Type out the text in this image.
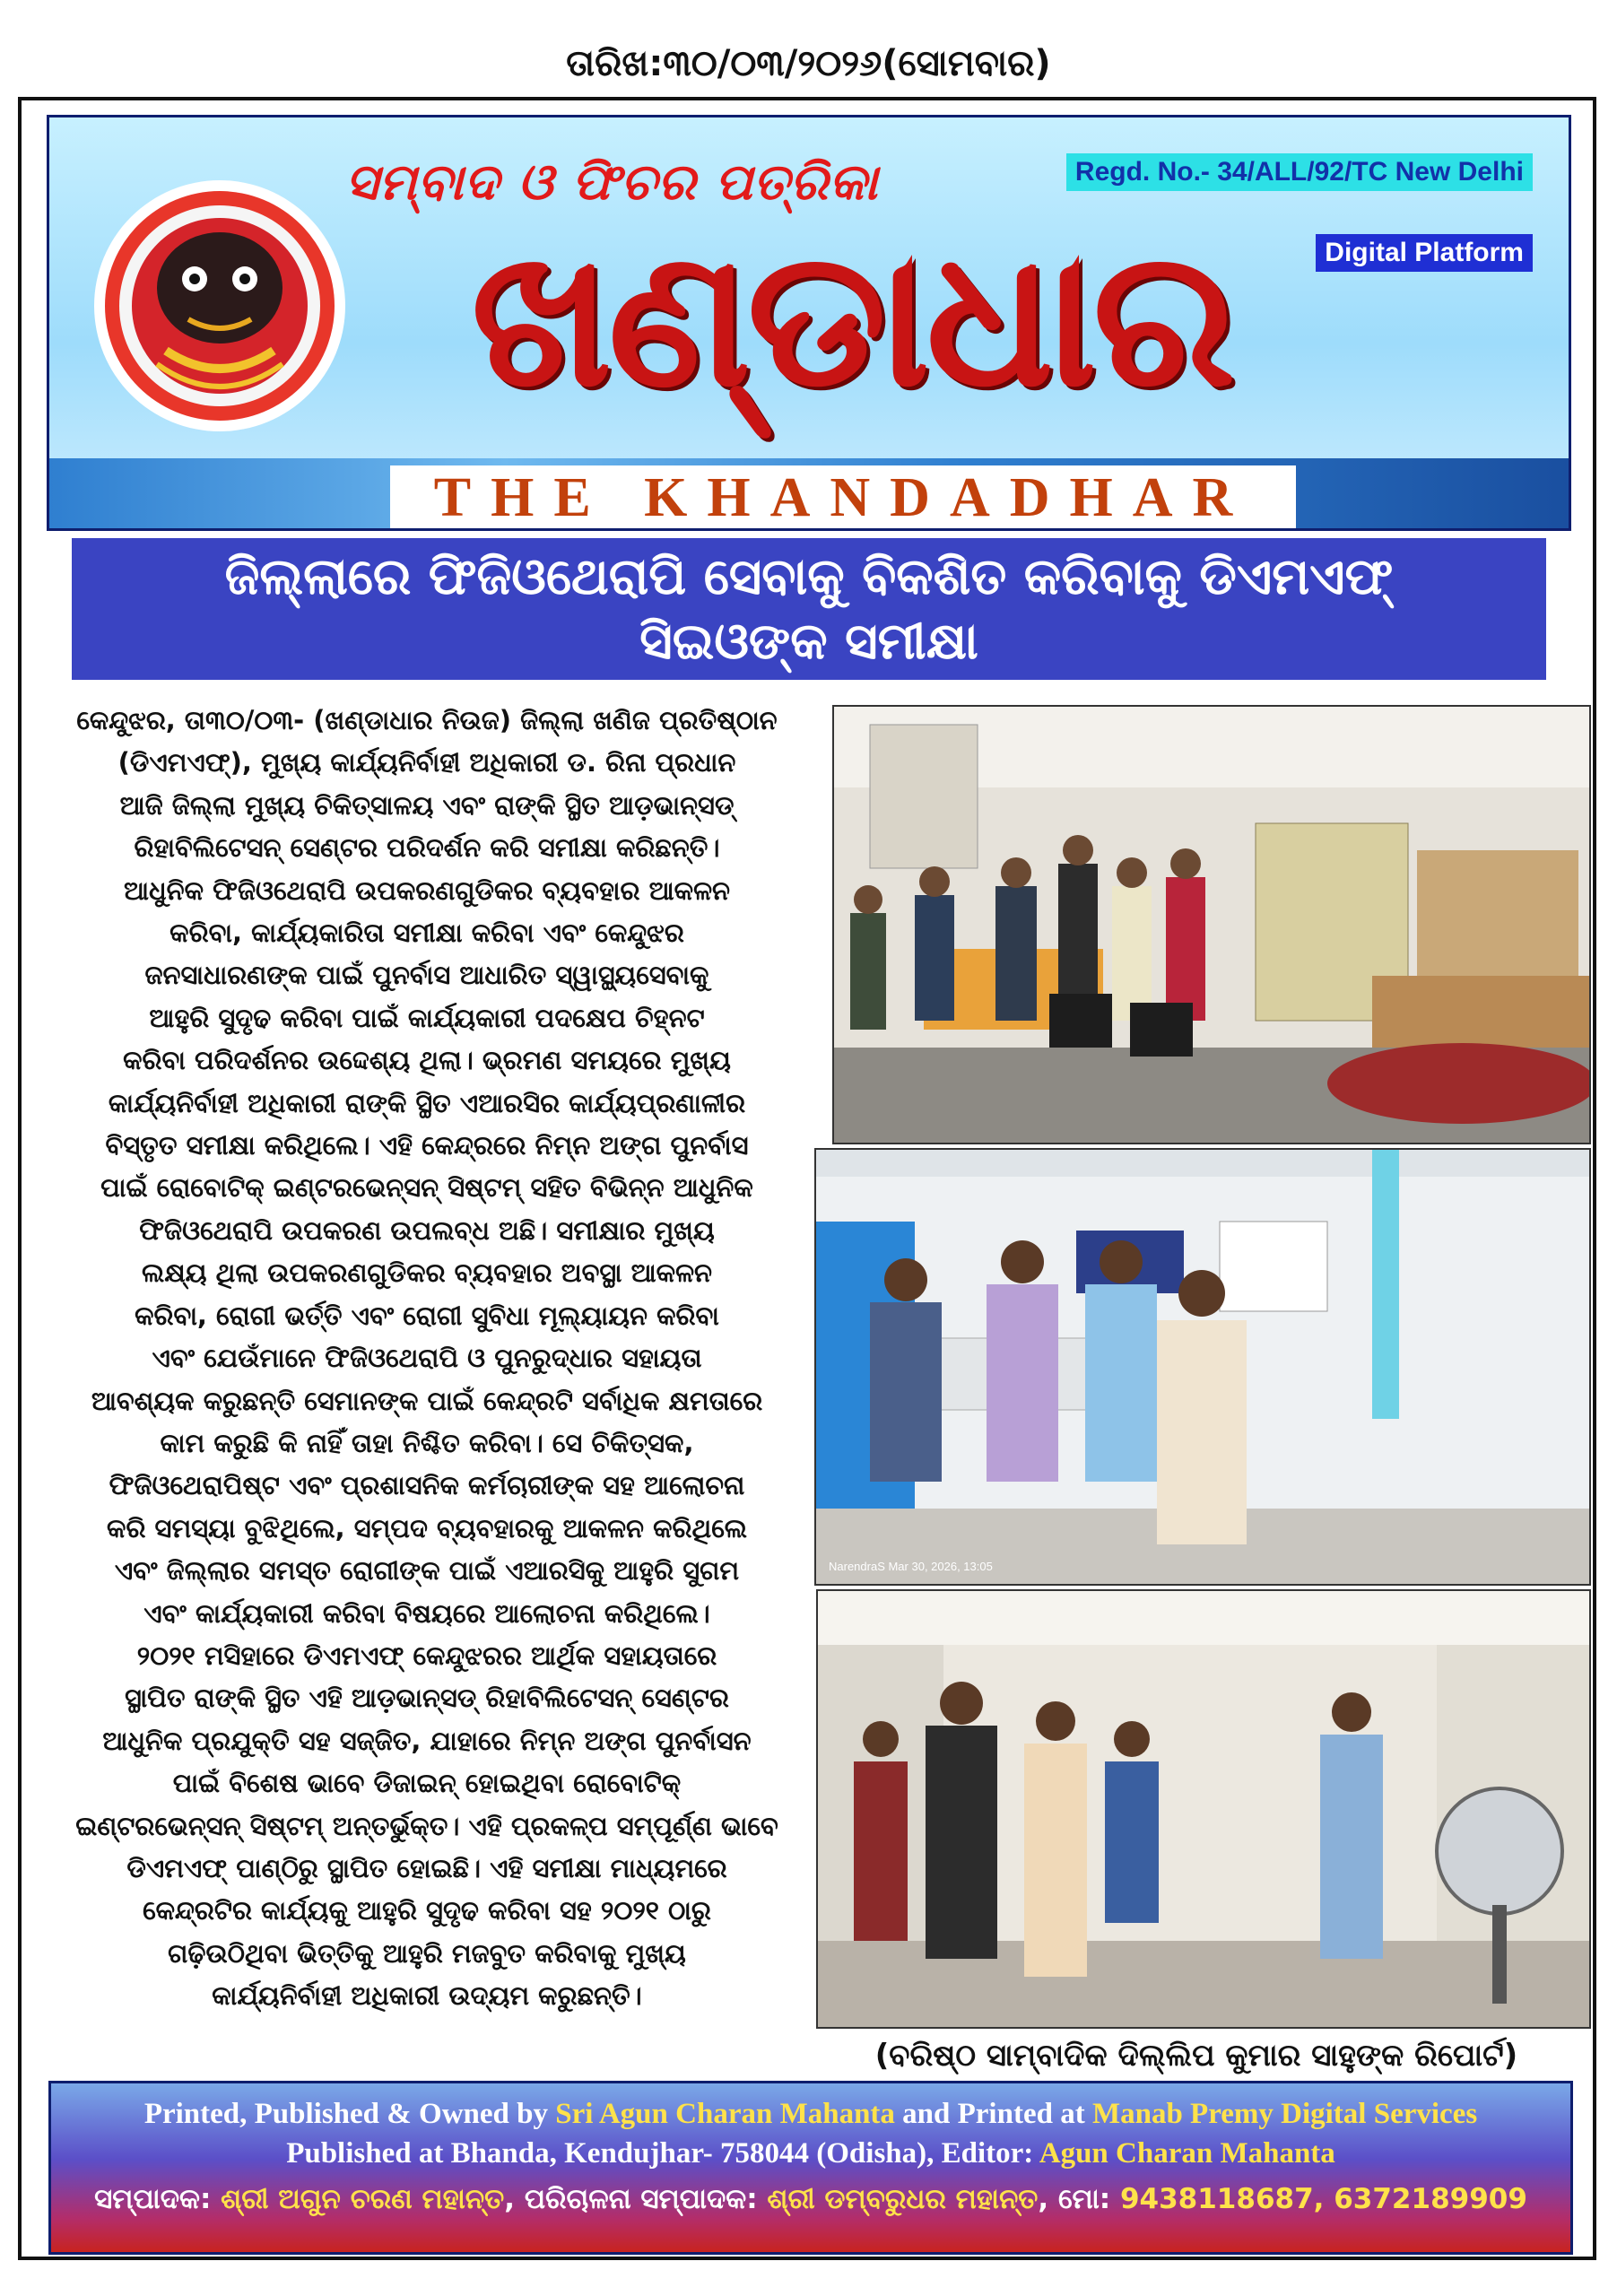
ତାରିଖ:୩୦/୦୩/୨୦୨୬(ସୋମବାର)
ସମ୍ବାଦ ଓ ଫିଚର ପତ୍ରିକା
ଖଣ୍ଡାଧାର
Regd. No.- 34/ALL/92/TC New Delhi
Digital Platform
THE KHANDADHAR
ଜିଲ୍ଲାରେ ଫିଜିଓଥେରାପି ସେବାକୁ ବିକଶିତ କରିବାକୁ ଡିଏମଏଫ୍
ସିଇଓଙ୍କ ସମୀକ୍ଷା
କେନ୍ଦୁଝର, ତା୩୦/୦୩- (ଖଣ୍ଡାଧାର ନିଉଜ) ଜିଲ୍ଲା ଖଣିଜ ପ୍ରତିଷ୍ଠାନ
(ଡିଏମଏଫ୍), ମୁଖ୍ୟ କାର୍ଯ୍ୟନିର୍ବାହୀ ଅଧିକାରୀ ଡ. ରିନା ପ୍ରଧାନ
ଆଜି ଜିଲ୍ଲା ମୁଖ୍ୟ ଚିକିତ୍ସାଳୟ ଏବଂ ରାଙ୍କି ସ୍ଥିତ ଆଡ଼ଭାନ୍ସଡ୍
ରିହାବିଲିଟେସନ୍ ସେଣ୍ଟର ପରିଦର୍ଶନ କରି ସମୀକ୍ଷା କରିଛନ୍ତି।
ଆଧୁନିକ ଫିଜିଓଥେରାପି ଉପକରଣଗୁଡିକର ବ୍ୟବହାର ଆକଳନ
କରିବା, କାର୍ଯ୍ୟକାରିତା ସମୀକ୍ଷା କରିବା ଏବଂ କେନ୍ଦୁଝର
ଜନସାଧାରଣଙ୍କ ପାଇଁ ପୁନର୍ବାସ ଆଧାରିତ ସ୍ୱାସ୍ଥ୍ୟସେବାକୁ
ଆହୁରି ସୁଦୃଢ କରିବା ପାଇଁ କାର୍ଯ୍ୟକାରୀ ପଦକ୍ଷେପ ଚିହ୍ନଟ
କରିବା ପରିଦର୍ଶନର ଉଦ୍ଦେଶ୍ୟ ଥିଲା। ଭ୍ରମଣ ସମୟରେ ମୁଖ୍ୟ
କାର୍ଯ୍ୟନିର୍ବାହୀ ଅଧିକାରୀ ରାଙ୍କି ସ୍ଥିତ ଏଆରସିର କାର୍ଯ୍ୟପ୍ରଣାଳୀର
ବିସ୍ତୃତ ସମୀକ୍ଷା କରିଥିଲେ। ଏହି କେନ୍ଦ୍ରରେ ନିମ୍ନ ଅଙ୍ଗ ପୁନର୍ବାସ
ପାଇଁ ରୋବୋଟିକ୍ ଇଣ୍ଟରଭେନ୍ସନ୍ ସିଷ୍ଟମ୍ ସହିତ ବିଭିନ୍ନ ଆଧୁନିକ
ଫିଜିଓଥେରାପି ଉପକରଣ ଉପଲବ୍ଧ ଅଛି। ସମୀକ୍ଷାର ମୁଖ୍ୟ
ଲକ୍ଷ୍ୟ ଥିଲା ଉପକରଣଗୁଡିକର ବ୍ୟବହାର ଅବସ୍ଥା ଆକଳନ
କରିବା, ରୋଗୀ ଭର୍ତ୍ତି ଏବଂ ରୋଗୀ ସୁବିଧା ମୂଲ୍ୟାୟନ କରିବା
ଏବଂ ଯେଉଁମାନେ ଫିଜିଓଥେରାପି ଓ ପୁନରୁଦ୍ଧାର ସହାୟତା
ଆବଶ୍ୟକ କରୁଛନ୍ତି ସେମାନଙ୍କ ପାଇଁ କେନ୍ଦ୍ରଟି ସର୍ବାଧିକ କ୍ଷମତାରେ
କାମ କରୁଛି କି ନାହିଁ ତାହା ନିଶ୍ଚିତ କରିବା। ସେ ଚିକିତ୍ସକ,
ଫିଜିଓଥେରାପିଷ୍ଟ ଏବଂ ପ୍ରଶାସନିକ କର୍ମଚାରୀଙ୍କ ସହ ଆଲୋଚନା
କରି ସମସ୍ୟା ବୁଝିଥିଲେ, ସମ୍ପଦ ବ୍ୟବହାରକୁ ଆକଳନ କରିଥିଲେ
ଏବଂ ଜିଲ୍ଲାର ସମସ୍ତ ରୋଗୀଙ୍କ ପାଇଁ ଏଆରସିକୁ ଆହୁରି ସୁଗମ
ଏବଂ କାର୍ଯ୍ୟକାରୀ କରିବା ବିଷୟରେ ଆଲୋଚନା କରିଥିଲେ।
୨୦୨୧ ମସିହାରେ ଡିଏମଏଫ୍ କେନ୍ଦୁଝରର ଆର୍ଥିକ ସହାୟତାରେ
ସ୍ଥାପିତ ରାଙ୍କି ସ୍ଥିତ ଏହି ଆଡ଼ଭାନ୍ସଡ୍ ରିହାବିଲିଟେସନ୍ ସେଣ୍ଟର
ଆଧୁନିକ ପ୍ରଯୁକ୍ତି ସହ ସଜ୍ଜିତ, ଯାହାରେ ନିମ୍ନ ଅଙ୍ଗ ପୁନର୍ବାସନ
ପାଇଁ ବିଶେଷ ଭାବେ ଡିଜାଇନ୍ ହୋଇଥିବା ରୋବୋଟିକ୍
ଇଣ୍ଟରଭେନ୍ସନ୍ ସିଷ୍ଟମ୍ ଅନ୍ତର୍ଭୁକ୍ତ। ଏହି ପ୍ରକଳ୍ପ ସମ୍ପୂର୍ଣ୍ଣ ଭାବେ
ଡିଏମଏଫ୍ ପାଣ୍ଠିରୁ ସ୍ଥାପିତ ହୋଇଛି। ଏହି ସମୀକ୍ଷା ମାଧ୍ୟମରେ
କେନ୍ଦ୍ରଟିର କାର୍ଯ୍ୟକୁ ଆହୁରି ସୁଦୃଢ କରିବା ସହ ୨୦୨୧ ଠାରୁ
ଗଢ଼ିଉଠିଥିବା ଭିତ୍ତିକୁ ଆହୁରି ମଜବୁତ କରିବାକୁ ମୁଖ୍ୟ
କାର୍ଯ୍ୟନିର୍ବାହୀ ଅଧିକାରୀ ଉଦ୍ୟମ କରୁଛନ୍ତି।
NarendraS Mar 30, 2026, 13:05
(ବରିଷ୍ଠ ସାମ୍ବାଦିକ ଦିଲ୍ଲିପ କୁମାର ସାହୁଙ୍କ ରିପୋର୍ଟ)
Printed, Published & Owned by Sri Agun Charan Mahanta and Printed at Manab Premy Digital Services
Published at Bhanda, Kendujhar- 758044 (Odisha), Editor: Agun Charan Mahanta
ସମ୍ପାଦକ: ଶ୍ରୀ ଅଗୁନ ଚରଣ ମହାନ୍ତ, ପରିଚାଳନା ସମ୍ପାଦକ: ଶ୍ରୀ ଡମ୍ବରୁଧର ମହାନ୍ତ, ମୋ: 9438118687, 6372189909
